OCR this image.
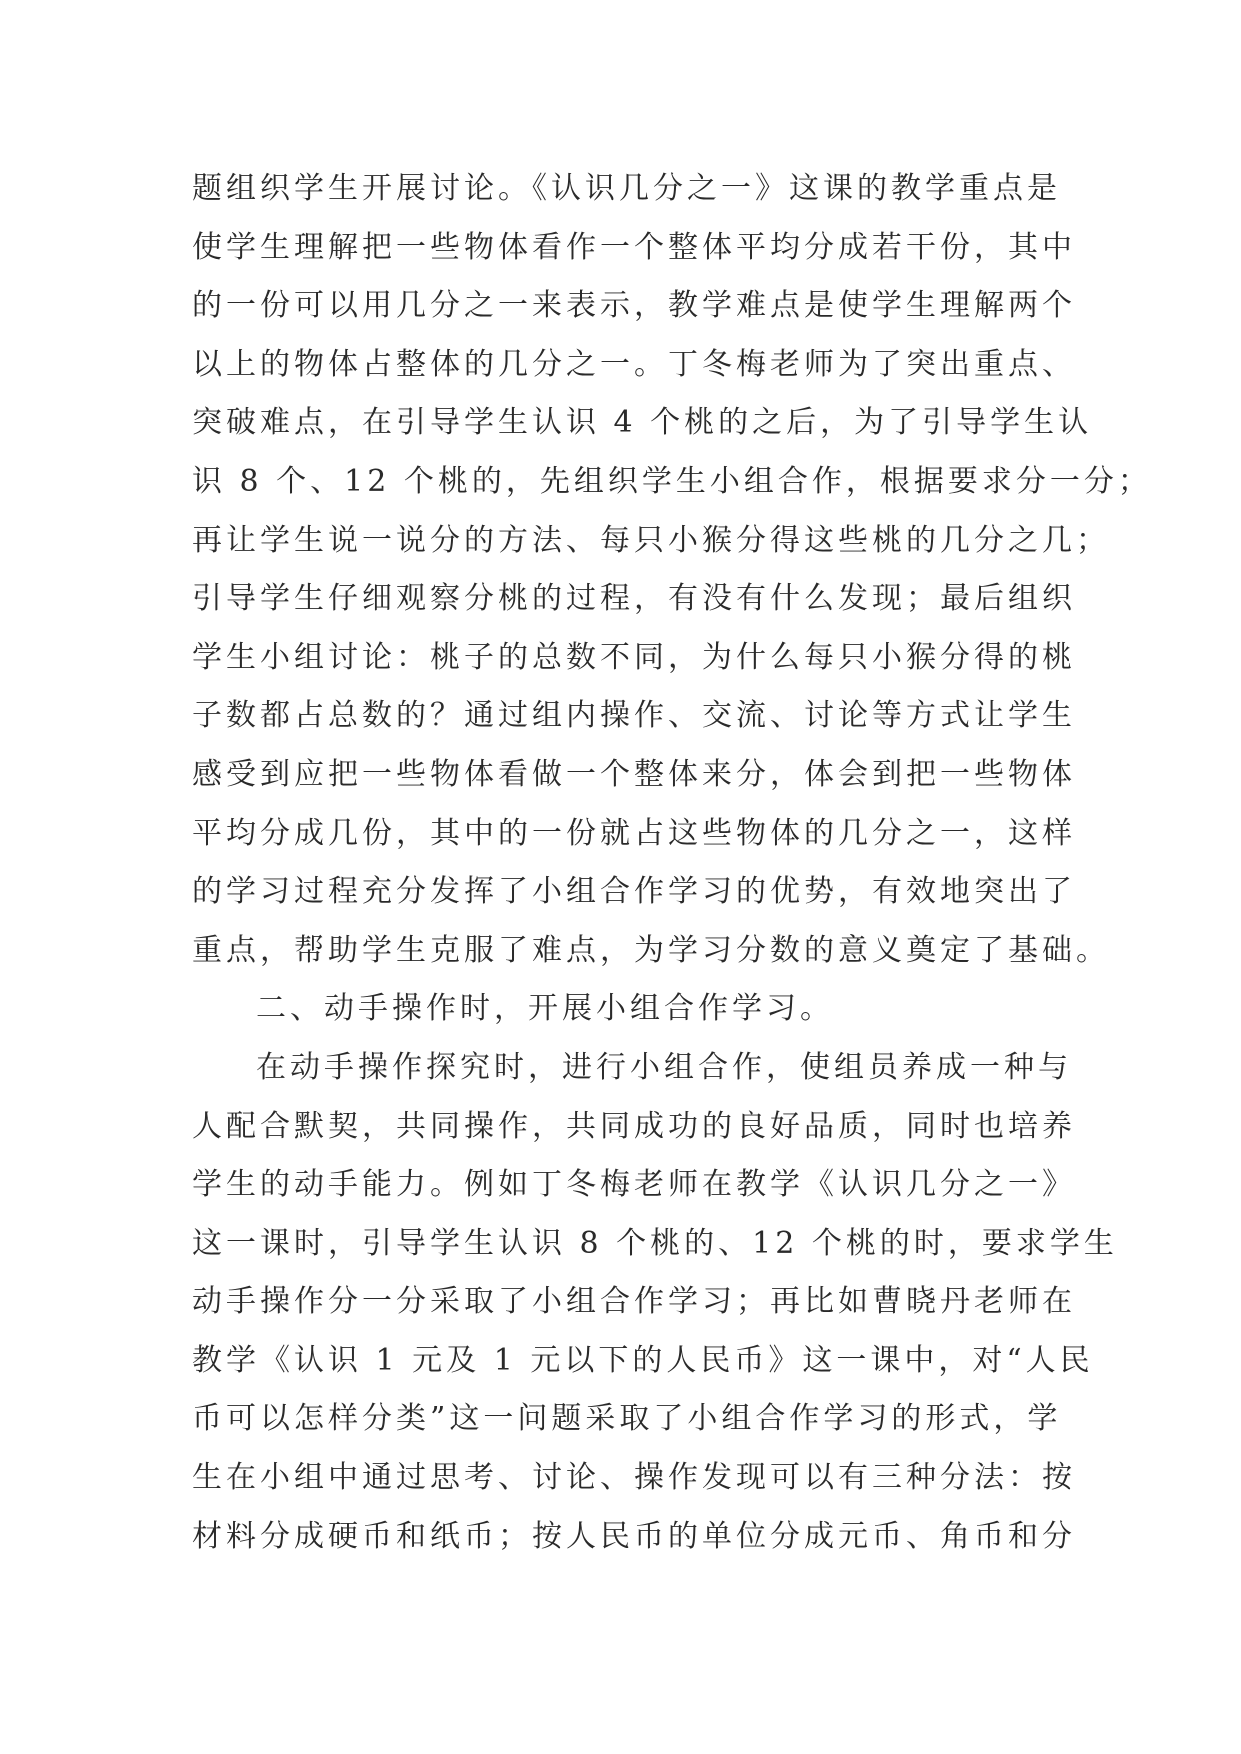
题组织学生开展讨论。《认识几分之一》这课的教学重点是
使学生理解把一些物体看作一个整体平均分成若干份，其中
的一份可以用几分之一来表示，教学难点是使学生理解两个
以上的物体占整体的几分之一。丁冬梅老师为了突出重点、
突破难点，在引导学生认识 4 个桃的之后，为了引导学生认
识 8 个、12 个桃的，先组织学生小组合作，根据要求分一分；
再让学生说一说分的方法、每只小猴分得这些桃的几分之几；
引导学生仔细观察分桃的过程，有没有什么发现；最后组织
学生小组讨论：桃子的总数不同，为什么每只小猴分得的桃
子数都占总数的？通过组内操作、交流、讨论等方式让学生
感受到应把一些物体看做一个整体来分，体会到把一些物体
平均分成几份，其中的一份就占这些物体的几分之一，这样
的学习过程充分发挥了小组合作学习的优势，有效地突出了
重点，帮助学生克服了难点，为学习分数的意义奠定了基础。
二、动手操作时，开展小组合作学习。
在动手操作探究时，进行小组合作，使组员养成一种与
人配合默契，共同操作，共同成功的良好品质，同时也培养
学生的动手能力。例如丁冬梅老师在教学《认识几分之一》
这一课时，引导学生认识 8 个桃的、12 个桃的时，要求学生
动手操作分一分采取了小组合作学习；再比如曹晓丹老师在
教学《认识 1 元及 1 元以下的人民币》这一课中，对“人民
币可以怎样分类”这一问题采取了小组合作学习的形式，学
生在小组中通过思考、讨论、操作发现可以有三种分法：按
材料分成硬币和纸币；按人民币的单位分成元币、角币和分
